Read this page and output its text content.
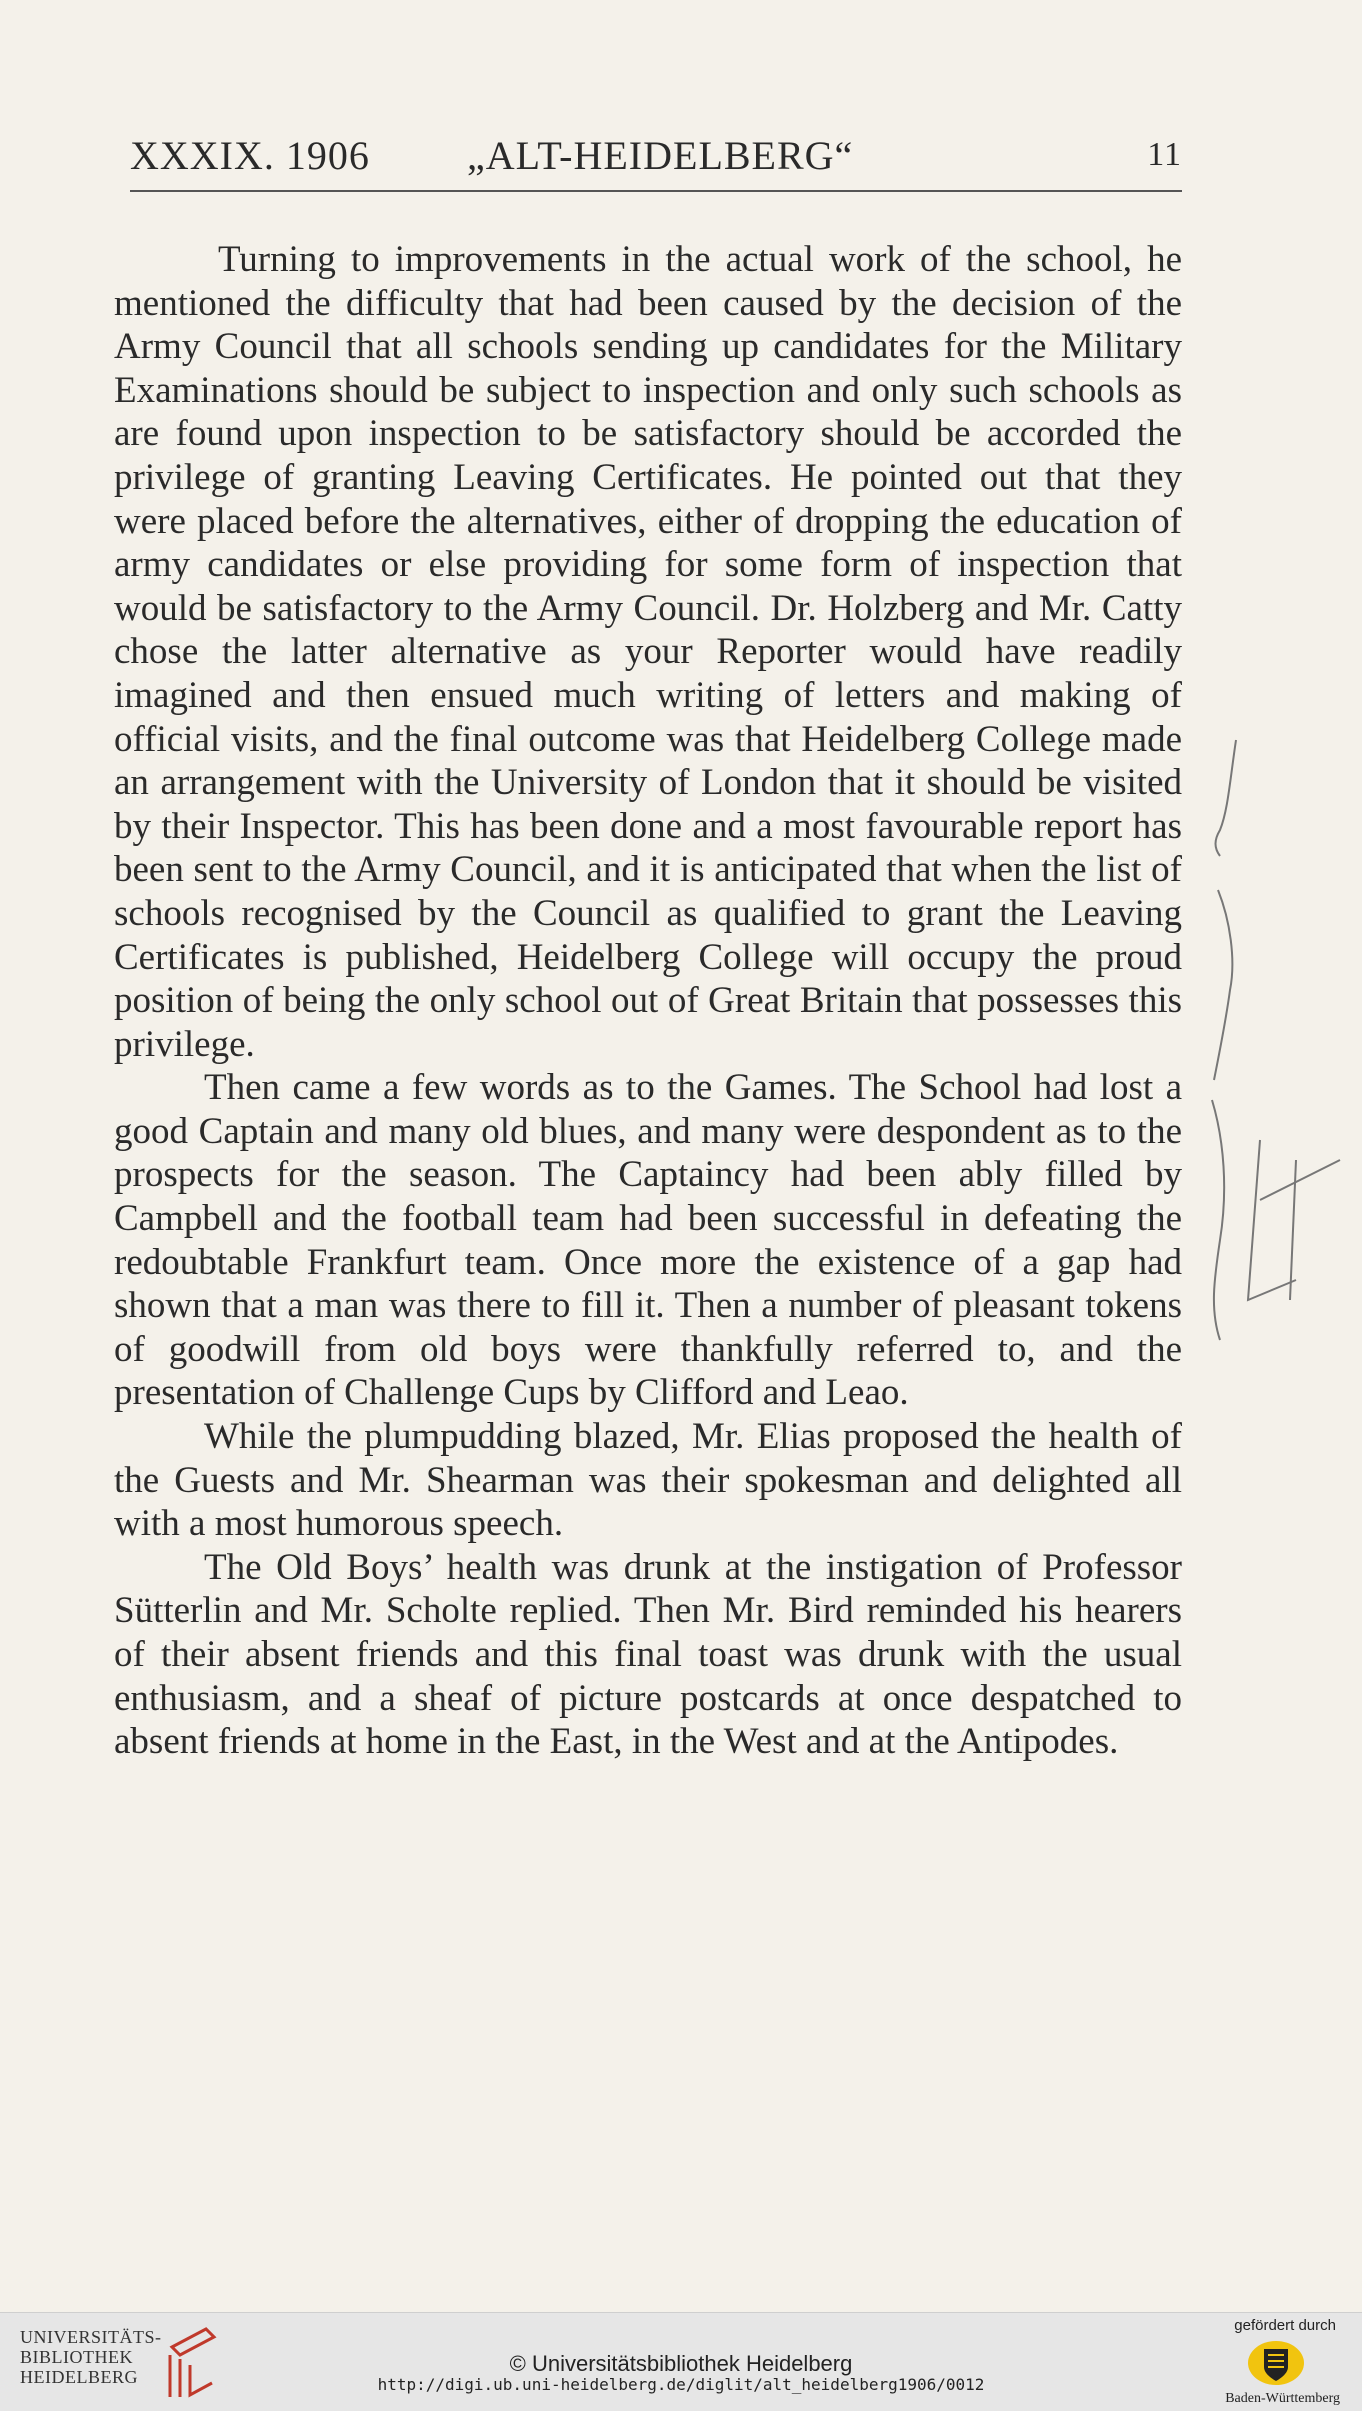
XXXIX. 1906 „ALT-HEIDELBERG“	11

Turning to improvements in the actual work of the school, he mentioned the difficulty that had been caused by the decision of the Army Council that all schools sending up candidates for the Military Examinations should be subject to inspection and only such schools as are found upon inspection to be satisfactory should be accorded the privilege of granting Leaving Certificates. He pointed out that they were placed before the alternatives, either of dropping the education of army candidates or else providing for some form of inspection that would be satisfactory to the Army Council. Dr. Holzberg and Mr. Catty chose the latter alternative as your Reporter would have readily imagined and then ensued much writing of letters and making of official visits, and the final outcome was that Heidelberg College made an arrangement with the University of London that it should be visited by their Inspector. This has been done and a most favourable report has been sent to the Army Council, and it is anticipated that when the list of schools recognised by the Council as qualified to grant the Leaving Certificates is published, Heidelberg College will occupy the proud position of being the only school out of Great Britain that possesses this privilege.

Then came a few words as to the Games. The School had lost a good Captain and many old blues, and many were despondent as to the prospects for the season. The Captaincy had been ably filled by Campbell and the football team had been successful in defeating the redoubtable Frankfurt team. Once more the existence of a gap had shown that a man was there to fill it. Then a number of pleasant tokens of goodwill from old boys were thankfully referred to, and the presentation of Challenge Cups by Clifford and Leao.

While the plumpudding blazed, Mr. Elias proposed the health of the Guests and Mr. Shearman was their spokesman and delighted all with a most humorous speech.

The Old Boys’ health was drunk at the instigation of Professor Sütterlin and Mr. Scholte replied. Then Mr. Bird reminded his hearers of their absent friends and this final toast was drunk with the usual enthusiasm, and a sheaf of picture postcards at once despatched to absent friends at home in the East, in the West and at the Antipodes.

UNIVERSITÄTS-
BIBLIOTHEK
HEIDELBERG
© Universitätsbibliothek Heidelberg
http://digi.ub.uni-heidelberg.de/diglit/alt_heidelberg1906/0012
gefördert durch
Baden-Württemberg
